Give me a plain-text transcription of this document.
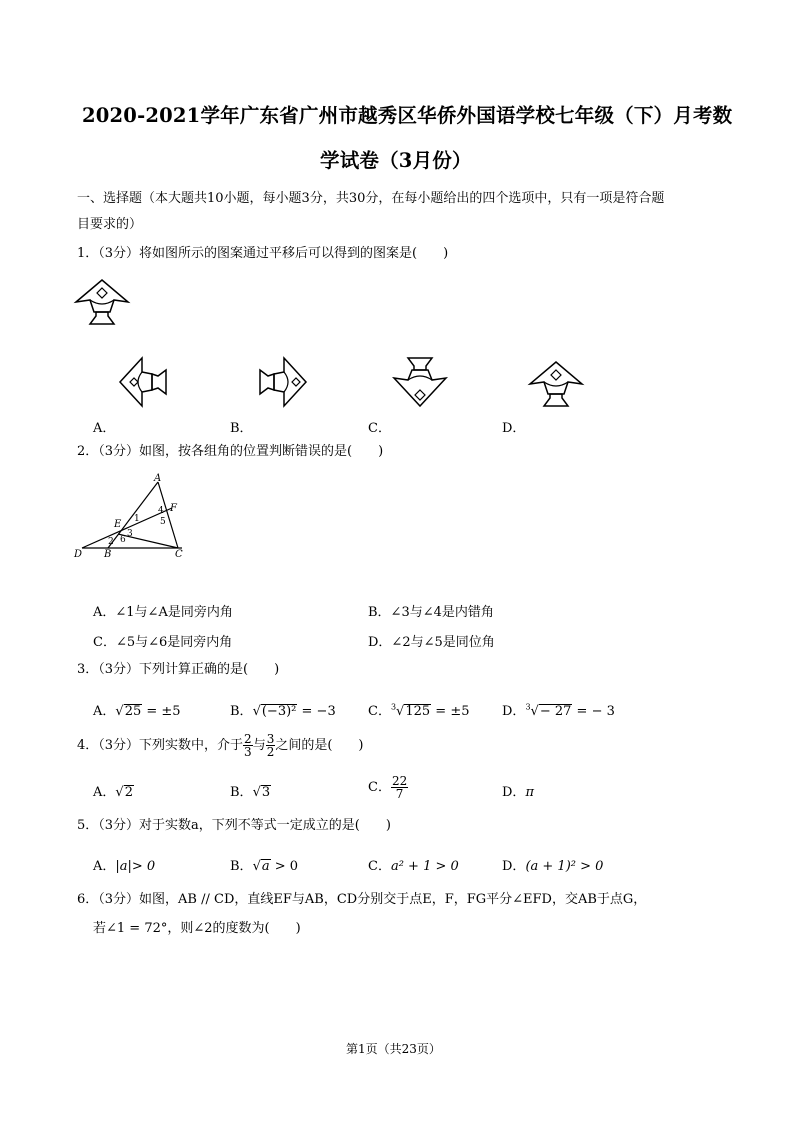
2020-2021学年广东省广州市越秀区华侨外国语学校七年级（下）月考数
学试卷（3月份）
一、选择题（本大题共10小题，每小题3分，共30分，在每小题给出的四个选项中，只有一项是符合题
目要求的）
1．（3分）将如图所示的图案通过平移后可以得到的图案是(　　)
A．	B．	C．	D．
2．（3分）如图，按各组角的位置判断错误的是(　　)
A
F
4
1 5
E
3
2 6
D B	C
A．∠1与∠A是同旁内角	B．∠3与∠4是内错角
C．∠5与∠6是同旁内角	D．∠2与∠5是同位角
3．（3分）下列计算正确的是(　　)
A．√25 = ±5	B．√(−3)² = −3 C．$^3$√125 = ±5	D．$^3$√− 27 = − 3
4．（3分）下列实数中，介于 $\frac{2}{3}$ 与 $\frac{3}{2}$ 之间的是(　　)
A．√2	B．√3	C． $\frac{22}{7}$	D．π
5．（3分）对于实数a，下列不等式一定成立的是(　　)
A．|a|> 0	B．√a > 0	C．a² + 1 > 0	D．(a + 1)² > 0
6．（3分）如图，AB // CD，直线EF与AB，CD分别交于点E，F，FG平分∠EFD，交AB于点G，
若∠1 = 72°，则∠2的度数为(　　)
第1页（共23页）
